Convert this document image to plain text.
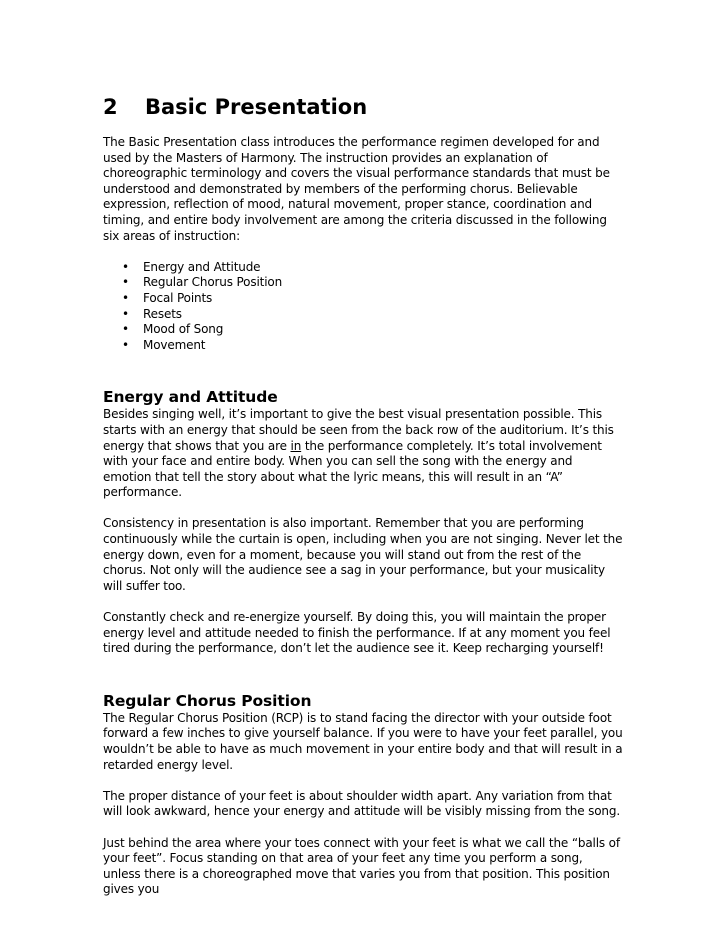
2 Basic Presentation

The Basic Presentation class introduces the performance regimen developed for and used by the Masters of Harmony. The instruction provides an explanation of choreographic terminology and covers the visual performance standards that must be understood and demonstrated by members of the performing chorus. Believable expression, reflection of mood, natural movement, proper stance, coordination and timing, and entire body involvement are among the criteria discussed in the following six areas of instruction:

• Energy and Attitude
• Regular Chorus Position
• Focal Points
• Resets
• Mood of Song
• Movement
Energy and Attitude

Besides singing well, it’s important to give the best visual presentation possible. This starts with an energy that should be seen from the back row of the auditorium. It’s this energy that shows that you are in the performance completely. It’s total involvement with your face and entire body. When you can sell the song with the energy and emotion that tell the story about what the lyric means, this will result in an “A” performance.

Consistency in presentation is also important. Remember that you are performing continuously while the curtain is open, including when you are not singing. Never let the energy down, even for a moment, because you will stand out from the rest of the chorus. Not only will the audience see a sag in your performance, but your musicality will suffer too.

Constantly check and re-energize yourself. By doing this, you will maintain the proper energy level and attitude needed to finish the performance. If at any moment you feel tired during the performance, don’t let the audience see it. Keep recharging yourself!

Regular Chorus Position

The Regular Chorus Position (RCP) is to stand facing the director with your outside foot forward a few inches to give yourself balance. If you were to have your feet parallel, you wouldn’t be able to have as much movement in your entire body and that will result in a retarded energy level.

The proper distance of your feet is about shoulder width apart. Any variation from that will look awkward, hence your energy and attitude will be visibly missing from the song.

Just behind the area where your toes connect with your feet is what we call the “balls of your feet”. Focus standing on that area of your feet any time you perform a song, unless there is a choreographed move that varies you from that position. This position gives you
